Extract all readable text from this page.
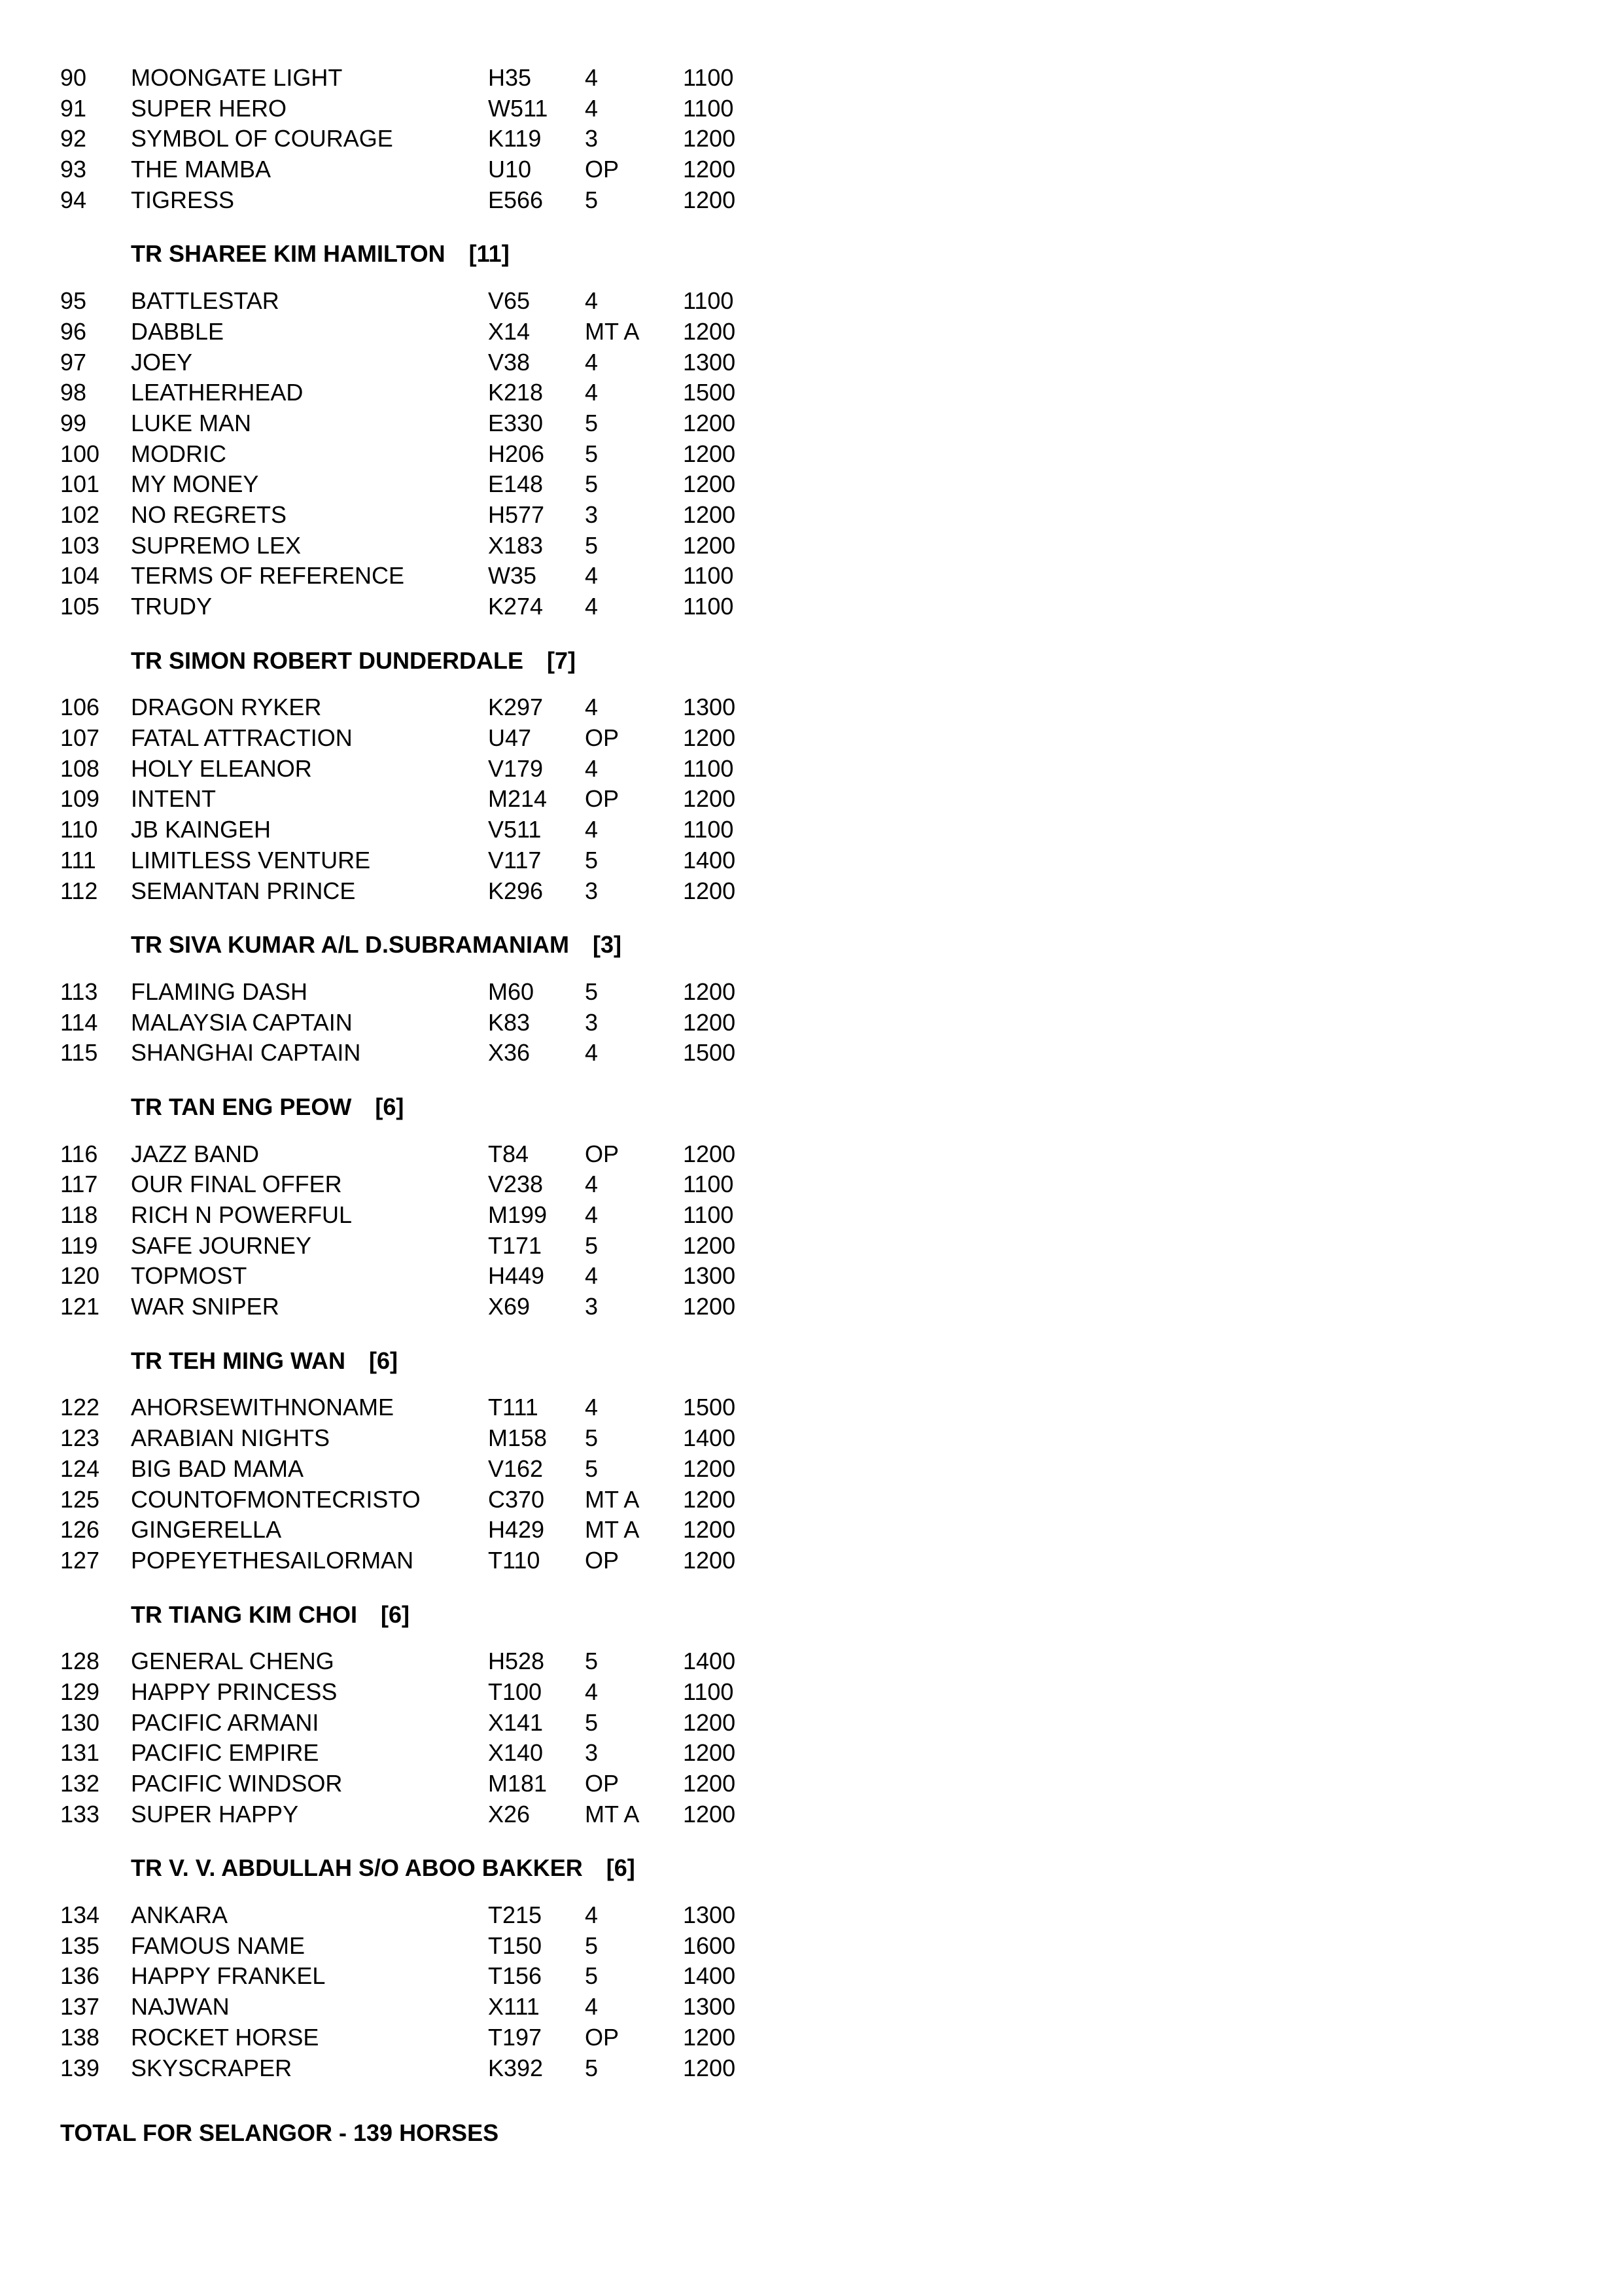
90	MOONGATE LIGHT	H35	4	1100
91	SUPER HERO	W511	4	1100
92	SYMBOL OF COURAGE	K119	3	1200
93	THE MAMBA	U10	OP	1200
94	TIGRESS	E566	5	1200
TR SHAREE KIM HAMILTON [11]
95	BATTLESTAR	V65	4	1100
96	DABBLE	X14	MT A	1200
97	JOEY	V38	4	1300
98	LEATHERHEAD	K218	4	1500
99	LUKE MAN	E330	5	1200
100	MODRIC	H206	5	1200
101	MY MONEY	E148	5	1200
102	NO REGRETS	H577	3	1200
103	SUPREMO LEX	X183	5	1200
104	TERMS OF REFERENCE	W35	4	1100
105	TRUDY	K274	4	1100
TR SIMON ROBERT DUNDERDALE [7]
106	DRAGON RYKER	K297	4	1300
107	FATAL ATTRACTION	U47	OP	1200
108	HOLY ELEANOR	V179	4	1100
109	INTENT	M214	OP	1200
110	JB KAINGEH	V511	4	1100
111	LIMITLESS VENTURE	V117	5	1400
112	SEMANTAN PRINCE	K296	3	1200
TR SIVA KUMAR A/L D.SUBRAMANIAM [3]
113	FLAMING DASH	M60	5	1200
114	MALAYSIA CAPTAIN	K83	3	1200
115	SHANGHAI CAPTAIN	X36	4	1500
TR TAN ENG PEOW [6]
116	JAZZ BAND	T84	OP	1200
117	OUR FINAL OFFER	V238	4	1100
118	RICH N POWERFUL	M199	4	1100
119	SAFE JOURNEY	T171	5	1200
120	TOPMOST	H449	4	1300
121	WAR SNIPER	X69	3	1200
TR TEH MING WAN [6]
122	AHORSEWITHNONAME	T111	4	1500
123	ARABIAN NIGHTS	M158	5	1400
124	BIG BAD MAMA	V162	5	1200
125	COUNTOFMONTECRISTO	C370	MT A	1200
126	GINGERELLA	H429	MT A	1200
127	POPEYETHESAILORMAN	T110	OP	1200
TR TIANG KIM CHOI [6]
128	GENERAL CHENG	H528	5	1400
129	HAPPY PRINCESS	T100	4	1100
130	PACIFIC ARMANI	X141	5	1200
131	PACIFIC EMPIRE	X140	3	1200
132	PACIFIC WINDSOR	M181	OP	1200
133	SUPER HAPPY	X26	MT A	1200
TR V. V. ABDULLAH S/O ABOO BAKKER [6]
134	ANKARA	T215	4	1300
135	FAMOUS NAME	T150	5	1600
136	HAPPY FRANKEL	T156	5	1400
137	NAJWAN	X111	4	1300
138	ROCKET HORSE	T197	OP	1200
139	SKYSCRAPER	K392	5	1200
TOTAL FOR SELANGOR - 139 HORSES
